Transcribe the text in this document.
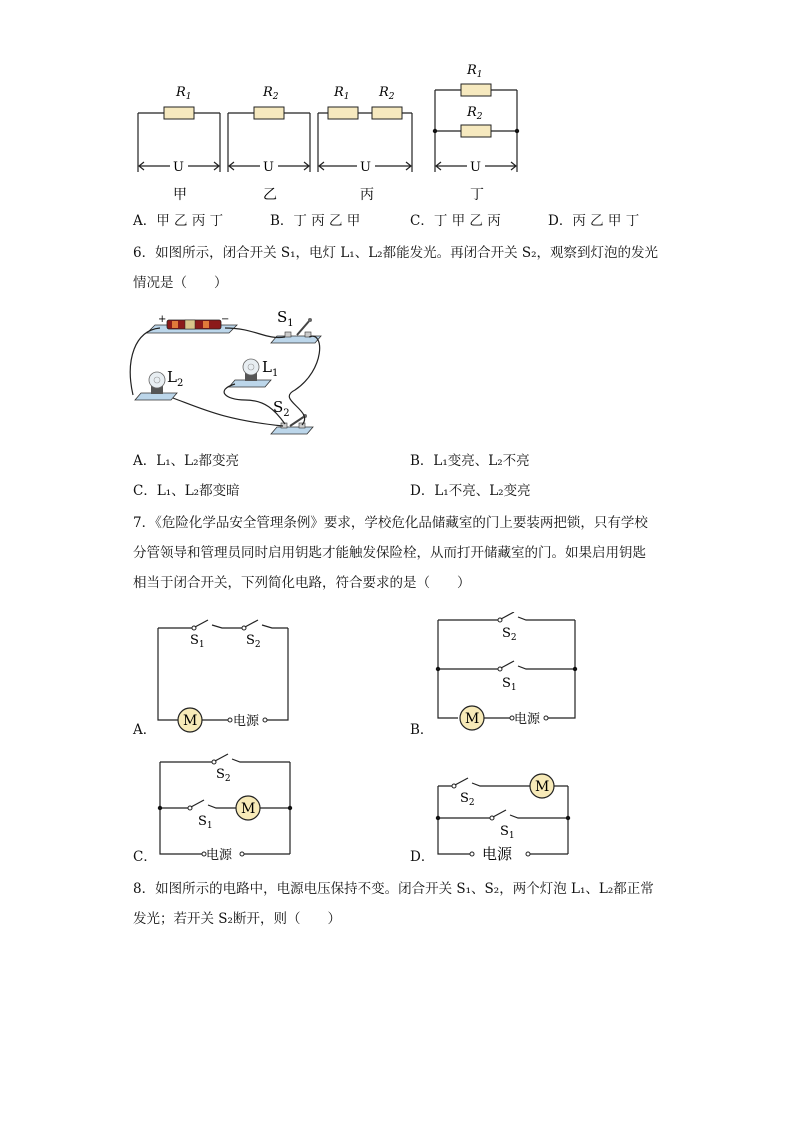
$R_1$
U
甲
$R_2$
U
乙
$R_1$ $R_2$
U
丙
$R_1$
$R_2$
U
丁
A．甲 乙 丙 丁	B．丁 丙 乙 甲	C．丁 甲 乙 丙	D．丙 乙 甲 丁
6．如图所示，闭合开关 S₁，电灯 L₁、L₂都能发光。再闭合开关 S₂，观察到灯泡的发光
情况是（　　）
+	−	$S_1$
$L_2$
$L_1$
$S_2$
A．L₁、L₂都变亮	B．L₁变亮、L₂不亮
C．L₁、L₂都变暗	D．L₁不亮、L₂变亮
7．《危险化学品安全管理条例》要求，学校危化品储藏室的门上要装两把锁，只有学校
分管领导和管理员同时启用钥匙才能触发保险栓，从而打开储藏室的门。如果启用钥匙
相当于闭合开关，下列简化电路，符合要求的是（　　）
$S_1$	$S_2$
M	电源
A．
$S_2$
$S_1$
M	电源
B．
$S_2$
$S_1$
M
电源
C．
$S_2$
$S_1$
M
电源
D．
8．如图所示的电路中，电源电压保持不变。闭合开关 S₁、S₂，两个灯泡 L₁、L₂都正常
发光；若开关 S₂断开，则（　　）
